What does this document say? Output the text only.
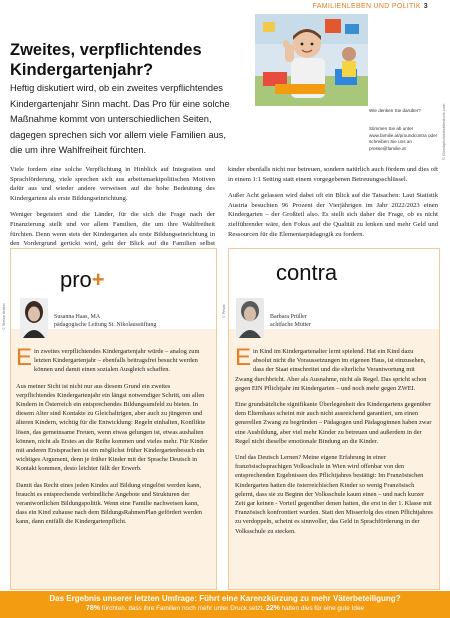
FAMILIENLEBEN UND POLITIK 3
Zweites, verpflichtendes Kindergartenjahr?
Heftig diskutiert wird, ob ein zweites verpflichtendes Kindergartenjahr Sinn macht. Das Pro für eine solche Maßnahme kommt von unterschiedlichen Seiten, dagegen sprechen sich vor allem viele Familien aus, die um ihre Wahlfreiheit fürchten.
Wie denken Sie darüber?
Stimmen Sie ab unter www.familie.at/proundcontra oder schreiben Sie uns an presse@familie.at	© iStockphoto/shutterstock.com

Viele fordern eine solche Verpflichtung in Hinblick auf Integration und Sprachförderung, viele sprechen sich aus arbeitsmarktpolitischen Motiven dafür aus und wieder andere verweisen auf die hohe Bedeutung des Kindergartens als erste Bildungseinrichtung.

Weniger begeistert sind die Länder, für die sich die Frage nach der Finanzierung stellt und vor allem Familien, die um ihre Wahlfreiheit fürchten. Denn wenn stets der Kindergarten als erste Bildungseinrichtung in den Vordergrund gerückt wird, geht der Blick auf die Familien selbst

kinder ebenfalls nicht nur betreuen, sondern natürlich auch fördern und dies oft in einem 1:1 Setting statt einem vorgegebenen Betreuungsschlüssel.

Außer Acht gelassen wird dabei oft ein Blick auf die Tatsachen: Laut Statistik Austria besuchten 96 Prozent der Vierjährigen im Jahr 2022/2023 einen Kindergarten – der Großteil also. Es stellt sich daher die Frage, ob es nicht zielführender wäre, den Fokus auf die Qualität zu lenken und mehr Geld und Ressourcen für die Elementarpädagogik zu fordern.

pro+
© Stefan Kristel	Susanna Haas, MA
pädagogische Leitung St. Nikolausstiftung

Ein zweites verpflichtendes Kindergartenjahr würde – analog zum letzten Kindergartenjahr – ebenfalls beitragsfrei besucht werden können und damit einen sozialen Ausgleich schaffen.

Aus meiner Sicht ist nicht nur aus diesem Grund ein zweites verpflichtendes Kindergartenjahr ein längst notwendiger Schritt, um allen Kindern in Österreich ein entsprechendes Bildungsumfeld zu bieten. In diesem Alter sind Kontakte zu Gleichaltrigen, aber auch zu jüngeren und älteren Kindern, wichtig für die Entwicklung: Regeln einhalten, Konflikte lösen, das gemeinsame Freuen, wenn etwas gelungen ist, etwas aushalten können, nicht als Erstes an die Reihe kommen und vieles mehr. Für Kinder mit anderen Erstsprachen ist ein möglichst früher Kindergartenbesuch ein wichtiges Argument, denn je früher Kinder mit der Sprache Deutsch in Kontakt kommen, desto leichter fällt der Erwerb.

Damit das Recht eines jeden Kindes auf Bildung eingelöst werden kann, braucht es entsprechende verbindliche Angebote und Strukturen der verantwortlichen Bildungspolitik. Wenn eine Familie nachweisen kann, dass ein Kind zuhause nach dem BildungsRahmenPlan gefördert werden kann, dann entfällt die Kindergartenpflicht.

contra
© Privat	Barbara Prüller
achtfache Mutter

Ein Kind im Kindergartenalter lernt spielend. Hat ein Kind dazu absolut nicht die Voraussetzungen im eigenen Haus, ist einzusehen, dass der Staat einschreitet und die elterliche Verantwortung mit Zwang durchbricht. Aber als Ausnahme, nicht als Regel. Das spricht schon gegen EIN Pflichtjahr im Kindergarten – und noch mehr gegen ZWEI.

Eine grundsätzliche signifikante Überlegenheit des Kindergartens gegenüber dem Elternhaus scheint mir auch nicht ausreichend garantiert, um einen generellen Zwang zu begründen – Pädagogen und Pädagoginnen haben zwar eine Ausbildung, aber viel mehr Kinder zu betreuen und außerdem in der Regel nicht dieselbe emotionale Bindung an die Kinder.

Und das Deutsch Lernen? Meine eigene Erfahrung in einer französischsprachigen Volksschule in Wien wird offenbar von den entsprechenden Ergebnissen des Pflichtjahres bestätigt: Im Französischen Kindergarten hatten die österreichischen Kinder so wenig Französisch gelernt, dass sie zu Beginn der Volksschule kaum einen – und nach kurzer Zeit gar keinen - Vorteil gegenüber denen hatten, die erst in der 1. Klasse mit Französisch konfrontiert wurden. Statt den Misserfolg des einen Pflichtjahres zu verdoppeln, scheint es sinnvoller, das Geld in Sprachförderung in der Volksschule zu stecken.

Das Ergebnis unserer letzten Umfrage: Führt eine Karenzkürzung zu mehr Väterbeteiligung?
78% fürchten, dass ihre Familien noch mehr unter Druck setzt, 22% halten dies für eine gute Idee
